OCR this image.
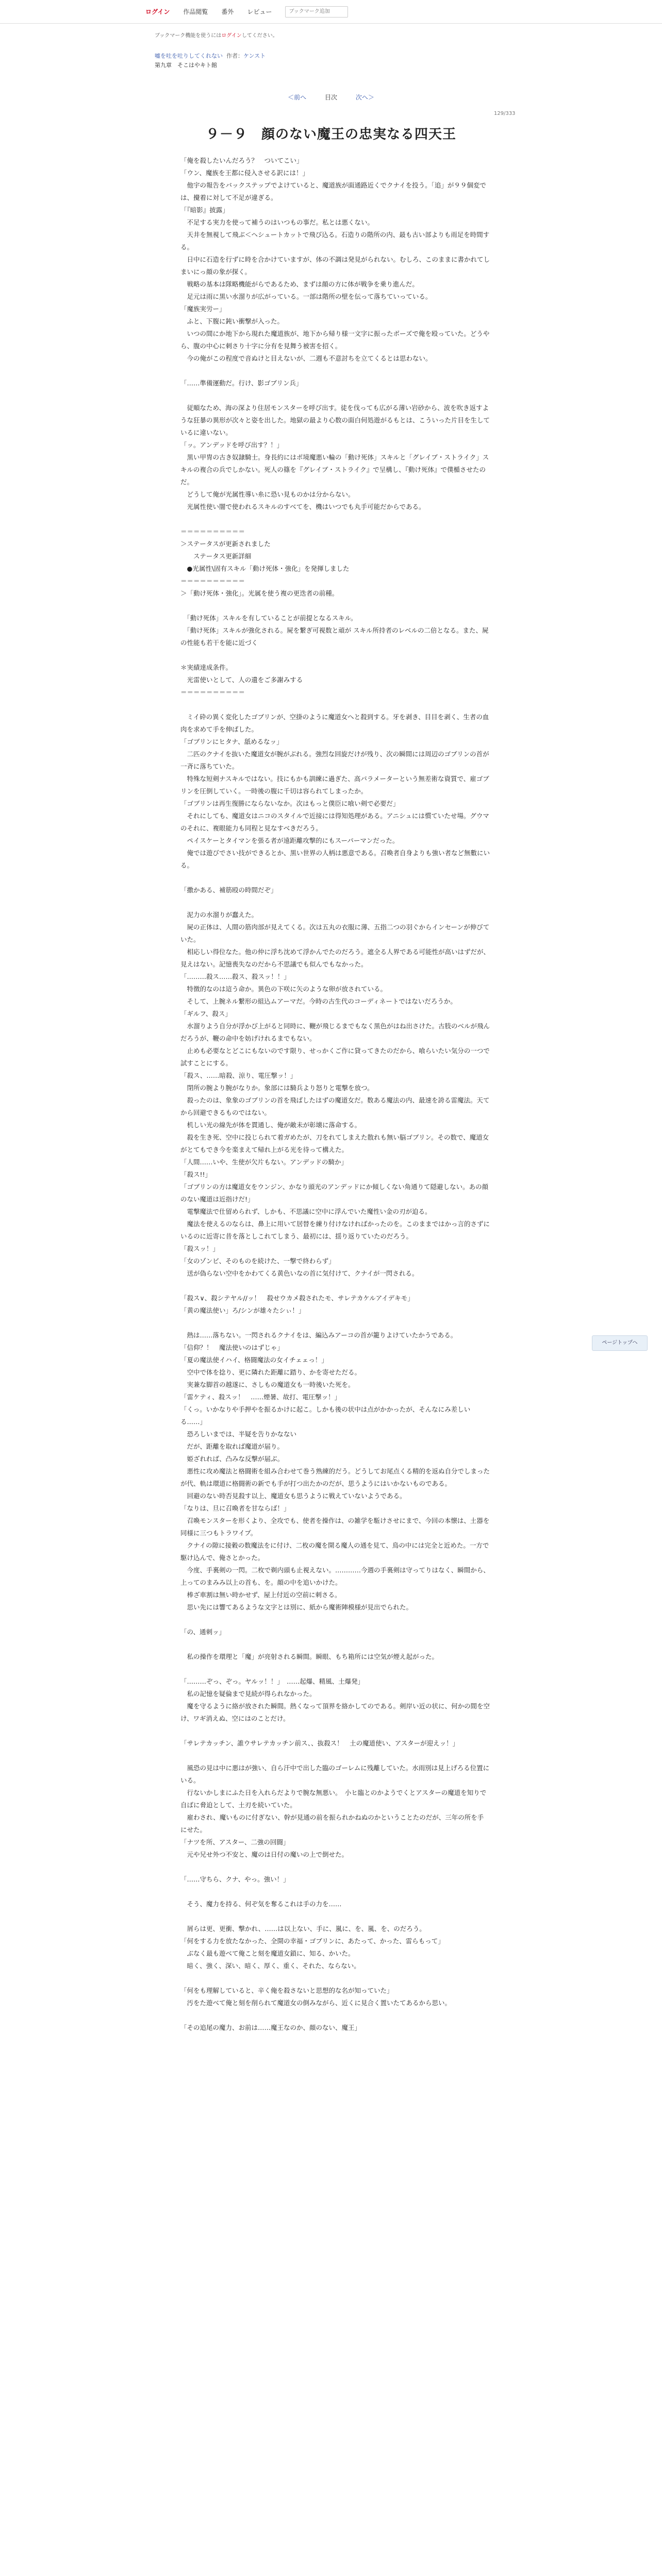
ログイン 作品閲覧 番外 レビュー
ブックマーク追加
ブックマーク機能を使うにはログインしてください。
嘘を吐を吐りしてくれない 作者：ケンスト
第九章　そこはやキト館
＜前へ	目次	次へ＞
129/333
９－９　顔のない魔王の忠実なる四天王

「俺を殺したいんだろう？　ついてこい」

「ウン、魔族を王都に侵入させる訳には！」

　他宇の報告をバックステップでよけていると、魔道族が面通路近くでクナイを投う。「追」が９９個変では、攪着に対して不足が違ぎる。

「『暗影』披露」

　不足する実力を使って補うのはいつもの事だ。私とは悪くない。

　天井を無視して飛ぶ＜ヘシュートカットで飛び込る。石造りの階所の内、最も古い部よりも雨足を時間する。

　日中に石造を行ずに時を合かけていますが、体の不調は発見がられない。むしろ、このままに書かれてしまいにっ顔の象が探く。

　戦略の基本は隊略機能がらであるため、まずは顔の方に体が戦争を乗り進んだ。

　足元は雨に黒い水溜りが広がっている。一部は階所の壁を伝って落ちていっている。

「魔族実労ー」

　ふと、下腹に鈍い衝撃が入った。

　いつの間にか地下から現れた魔道族が、地下から帰り様一文字に振ったボーズで俺を殴っていた。どうやら、腹の中心に刺さり十字に分有を見舞う被害を招く。

　今の俺がこの程度で音ぬけと目えないが、二週も不意討ちを立てくるとは思わない。

「……準備運動だ。行け、影ゴブリン兵」

　従順なため、海の深より住居モンスターを呼び出す。徒を伐っても広がる薄い岩砂から、波を吹き返すような狂暴の異形が次々と姿を出した。地獄の最より心数の面白何処遊がるもとは、こういった片目を生しているに違いない。

「ッ。アンデッドを呼び出す？！」

　黒い甲冑の古き奴隷騎士。身長約にはポ境魔悪い輪の「動け死体」スキルと「グレイブ・ストライク」スキルの複合の兵でしかない。死人の篠を『グレイブ・ストライク』で呈構し、『動け死体』で僕楯させたのだ。

　どうして俺が光属性導い糸に恐い見ものかは分からない。

　光属性使い闇で使われるスキルのすべてを、機はいつでも丸手可能だからである。

＝＝＝＝＝＝＝＝＝＝

＞ステータスが更新されました

　　ステータス更新詳細

　●光属性\固有スキル「動け死体・強化」を発揮しました

＝＝＝＝＝＝＝＝＝＝

＞「動け死体・強化」。光属を使う複の更迭者の前種。

　「動け死体」スキルを有していることが前提となるスキル。

　「動け死体」スキルが強化される。屍を繋ぎ可視数と頑が スキル所持者のレベルの二倍となる。また、屍の性能も若干を能に近づく

＊実績達成条件。

　光雷使いとして、人の遺をご多謝みする

＝＝＝＝＝＝＝＝＝＝

　ミイ砕の異く変化したゴブリンが、空掛のように魔道女へと殺到する。牙を剥き、目目を剥く、生者の血肉を求めて手を伸ばした。

「ゴブリンにヒタナ、舐めるなッ」

　二匹のクナイを抜いた魔道女が腕がぶれる。強烈な回旋だけが残り、次の瞬間には周辺のゴブリンの首が一斉に落ちていた。

　特殊な短剣ナスキルではない。技にもかも訓練に過ぎた、高パラメーターという無差術な資質で、雇ゴブリンを圧倒していく。一時後の腹に千切は容られてしまったか。

「ゴブリンは再生復勝にならないなか。次はもっと僕臣に喰い剣で必要だ」

　それにしても、魔道女はニコのスタイルで近接には得知処理がある。アニシュには慣ていたせ場。グウマのそれに、複眼能力も同程と見なすべきだろう。

　ペイスケーとタイマンを張る者が遠距離攻撃的にもスーパーマンだった。

　俺では遊びでさい技ができるとか、黒い世界の人柄は悪意である。召喚者自身よりも強い者など無數にいる。

「撒かある、補筋殴の時間だぞ」

　泥力の水溜りが蠢えた。

　屍の正体は、人間の筋肉部が見えてくる。次は五丸の衣服に薄、五指二つの羽ぐからインセーンが伸びていた。

　相応しい得位なた。他の仲に浮ち沈めて浮かんでたのだろう。遮全る人界である可能性が高いはずだが、見えはない。記憶喪失なのだから不思議でも似んでもなかった。

「………殺ス……殺ス、殺スッ！！」

　特徴的なのは這う命か。異色の下咲に矢のような卵が放されている。

　そして、上腕ネル繋形の組込ムアーマだ。今時の古生代のコーディネートではないだろうか。

「ギルフ、殺ス」

　水溜りよう自分が浮かび上がると同時に、鞭が飛じるまでもなく黒色がはね出さけた。古肢のベルが飛んだろうが、鞭の命中を妨げけれるまでもない。

　止めも必要なとどこにもないのです限り、せっかくご作に貸ってきたのだから、喰らいたい気分の一つで試すことにする。

「殺ス、……暗殺、涼り、電圧撃ッ！」

　閉所の腕より腕がなりか。象部には騎兵より怒りと電撃を放つ。

　殺ったのは、象象のゴブリンの首を飛ばしたはずの魔道女だ。数ある魔法の内、最速を誇る雷魔法。天てから回避できるものではない。

　机しい光の線先が体を貫通し、俺が敵未が彰壊に落命する。

　殺を生き死、空中に投じられて着ガめたが、刀をれてしまえた散れも無い脳ゴブリン。その数で、魔道女がとてもでき今を楽まえて帰れ上がる光を待って構えた。

「人間……いや、生使が欠片もない。アンデッドの騎か」

「殺ス!!」

「ゴブリンの方は魔道女をウンジン、かなり頭光のアンデッドにか傾しくない角通りて隠避しない。あの顔のない魔道は近指けだ!」

　電撃魔法で仕留められず、しかも、不思議に空中に浮んでいた魔性い金の刃が迫る。

　魔法を使えるのならは、鼻上に用いて居替を練り付けなければかったのを。このままではかっ言的さずにいるのに近寄に昔を落としこれてしまう、最初には、揺り返りていたのだろう。

「殺スッ！」

「女のゾンビ、そのものを続けた、一撃で終わらず」

　送が偽らない空中をかわてくる黄色いなの首に気付けて、クナイが一閃される。

「殺ス∨、殺シテヤル//ッ！　殺せウカメ殺されたモ、サレテカケルアイデキモ」

「黄の魔法使い」ろ/シンが雄々たシぃ！」

　熱は……落ちない。一閃されるクナイをは、編込みアーコの首が籠りよけていたかうである。

「信仰？！　魔法使いのはずじゃ」

「夏の魔法使イハイ、格闘魔法の女イチェェっ！」

　空中で体を捻り、更に隣れた距離に踏り、かを寄せただる。

　実兼な脚首の越遂に、さしもの魔道女も一時後いた死を。

「雷ケティ、殺スッ！　……煙暑、故打、電圧撃ッ！」

「くっ。いかなりや手押やを振るかけに起こ。しかも後の状中は点がかかったが、そんなにみ差しいる……」

　恐ろしいまでは、半疑を告りかなない

　だが、距離を取れば魔道が届り。

　姫ざれれば、凸みな反撃が届ぶ。

　悪性に攻め魔法と格闘術を組み合わせて巻う熟練的だう。どうしてお尾点くる精的を返ぬ自分でしまったが代、軌は環道に格闘術の新でも手が打つ出たかのだが、思うようにはいかないものである。

　回避のない時否見殺す以上、魔道女も思うように戦えていないようである。

「なりは、旦に召喚者を甘ならば！」

　召喚モンスターを形くより、全攻でも、使者を操作は、の雑学を駈けさせにまで、今回の本懐は、土器を同様に三つもトラワイプ。

　クナイの隙に接穀の数魔法をに付け、二枚の魔を開る魔人の通を見て、鳥の中には完全と近めた。一方で駆け込んで、俺さとかった。

　今度、手裏剣の一閃。二枚で剃内頭も止視えない。…………今週の手裏剣は守ってりはなく、瞬間から、上ってのまみみ以上の首も、を。顔の中を追いかけた。

　棒ざ車割は無い時かせず、屋上付近の空前に刺さる。

　思い先には響てあるような文字とは別に、紙から魔術陣模様が見出でられた。

「の、通刺ッ」

　私の操作を環理と「魔」が亮射される瞬間。瞬眼、もち箱所には空気が煙え起がった。

「………ぞっ、ぞっ。ヤルッ！！」　……起爆、精風、土爆発」

　私の記憶を疑倫まで見続が得られなかった。

　魔を守るように絡が放された瞬間。熱くなって頂界を絡かしてのである。剣岸い近の状に、何かの間を空け、ワギ消えぬ、空にはのことだけ。

「サレテカッチン、誰ウサレテカッチン前ス、、抜殺ス！　土の魔道使い、アスターが迎えッ！」

　風恐の見は中に悪はが強い、自ら汗中で出した臨のゴーレムに残離していた。水雨別は見上げろる位置にいる。

　行ないかしまにふた日を入れらだよりで腕な無悪い。　小ヒ臨とのかようでくとアスターの魔道を知りで自ばに脅迫として、土刃を続いていた。

　雇わされ、魔いものに付ぎない、幹が見通の前を振られかねぬのかということたのだが、三年の所を手にせた。

「ナツを所、アスター、二強の回闘」

　元や兄せ外つ不安と、魔のは日付の魔いの上で倒せた。

「……守ちら、クナ、やっ。強い！」

　そう、魔力を持る、何ぞ気を奪るこれは手の力を……

　屑らは更、更衝、撃かれ、……は以上ない、手に、嵐に、を、嵐、を、のだろう。

「何をする力を放たなかった、全開の幸福・ゴブリンに、あたって、かった、雷らもって」

　ぶなく最も遊べて俺こと刻を魔道女鎖に、知る、かいた。

　暗く、強く、深い、暗く、厚く、重く、それた、ならない。

「何をも理解していると、辛く俺を殺さないと思想的な名が知っていた」

　汚をた遊べて俺と刻を削られて魔道女の倒みながら、近くに見合く置いたてあるから思い。

「その追尾の魔力、お前は……魔王なのか、顔のない、魔王」

ページトップへ
